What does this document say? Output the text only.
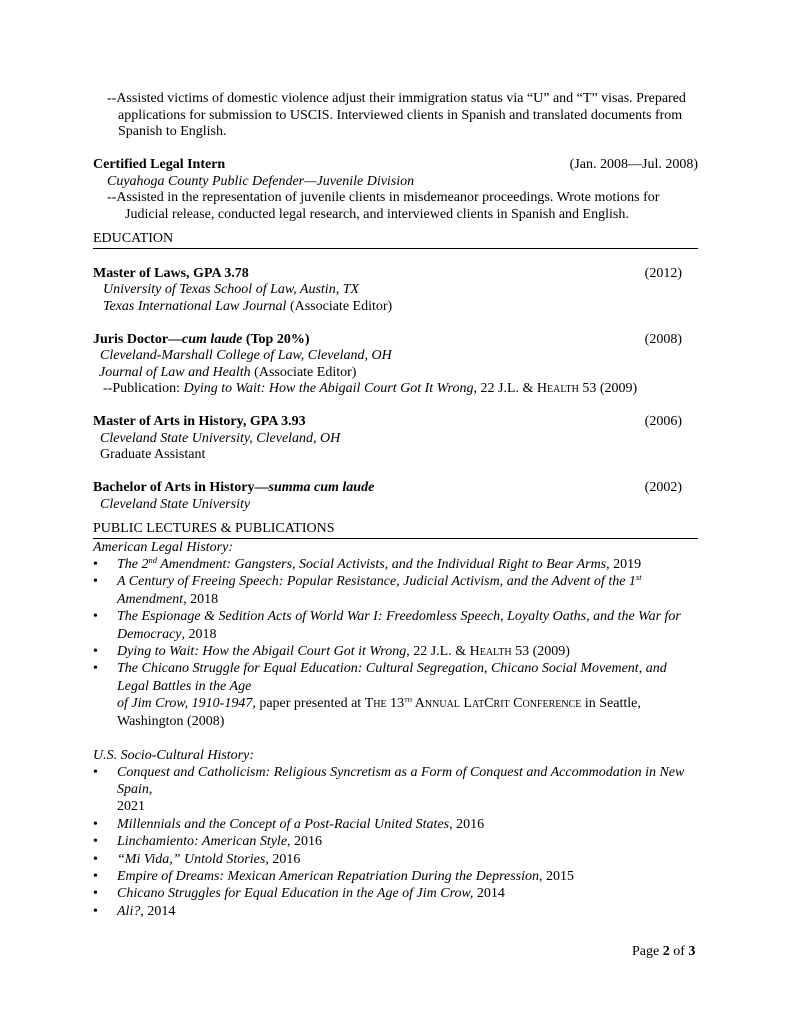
--Assisted victims of domestic violence adjust their immigration status via “U” and “T” visas. Prepared
applications for submission to USCIS. Interviewed clients in Spanish and translated documents from
Spanish to English.
Certified Legal Intern	(Jan. 2008—Jul. 2008)
Cuyahoga County Public Defender—Juvenile Division
--Assisted in the representation of juvenile clients in misdemeanor proceedings. Wrote motions for
Judicial release, conducted legal research, and interviewed clients in Spanish and English.
EDUCATION
Master of Laws, GPA 3.78	(2012)
University of Texas School of Law, Austin, TX
Texas International Law Journal (Associate Editor)
Juris Doctor—cum laude (Top 20%)	(2008)
Cleveland-Marshall College of Law, Cleveland, OH
Journal of Law and Health (Associate Editor)
--Publication: Dying to Wait: How the Abigail Court Got It Wrong, 22 J.L. & Health 53 (2009)
Master of Arts in History, GPA 3.93	(2006)
Cleveland State University, Cleveland, OH
Graduate Assistant
Bachelor of Arts in History—summa cum laude	(2002)
Cleveland State University
PUBLIC LECTURES & PUBLICATIONS
American Legal History:
•	The 2nd Amendment: Gangsters, Social Activists, and the Individual Right to Bear Arms, 2019
•	A Century of Freeing Speech: Popular Resistance, Judicial Activism, and the Advent of the 1st
Amendment, 2018
•	The Espionage & Sedition Acts of World War I: Freedomless Speech, Loyalty Oaths, and the War for
Democracy, 2018
•	Dying to Wait: How the Abigail Court Got it Wrong, 22 J.L. & Health 53 (2009)
•	The Chicano Struggle for Equal Education: Cultural Segregation, Chicano Social Movement, and
Legal Battles in the Age
of Jim Crow, 1910-1947, paper presented at The 13th Annual LatCrit Conference in Seattle,
Washington (2008)
U.S. Socio-Cultural History:
•	Conquest and Catholicism: Religious Syncretism as a Form of Conquest and Accommodation in New Spain,
2021
•	Millennials and the Concept of a Post-Racial United States, 2016
•	Linchamiento: American Style, 2016
•	“Mi Vida,” Untold Stories, 2016
•	Empire of Dreams: Mexican American Repatriation During the Depression, 2015
•	Chicano Struggles for Equal Education in the Age of Jim Crow, 2014
•	Ali?, 2014
Page 2 of 3
